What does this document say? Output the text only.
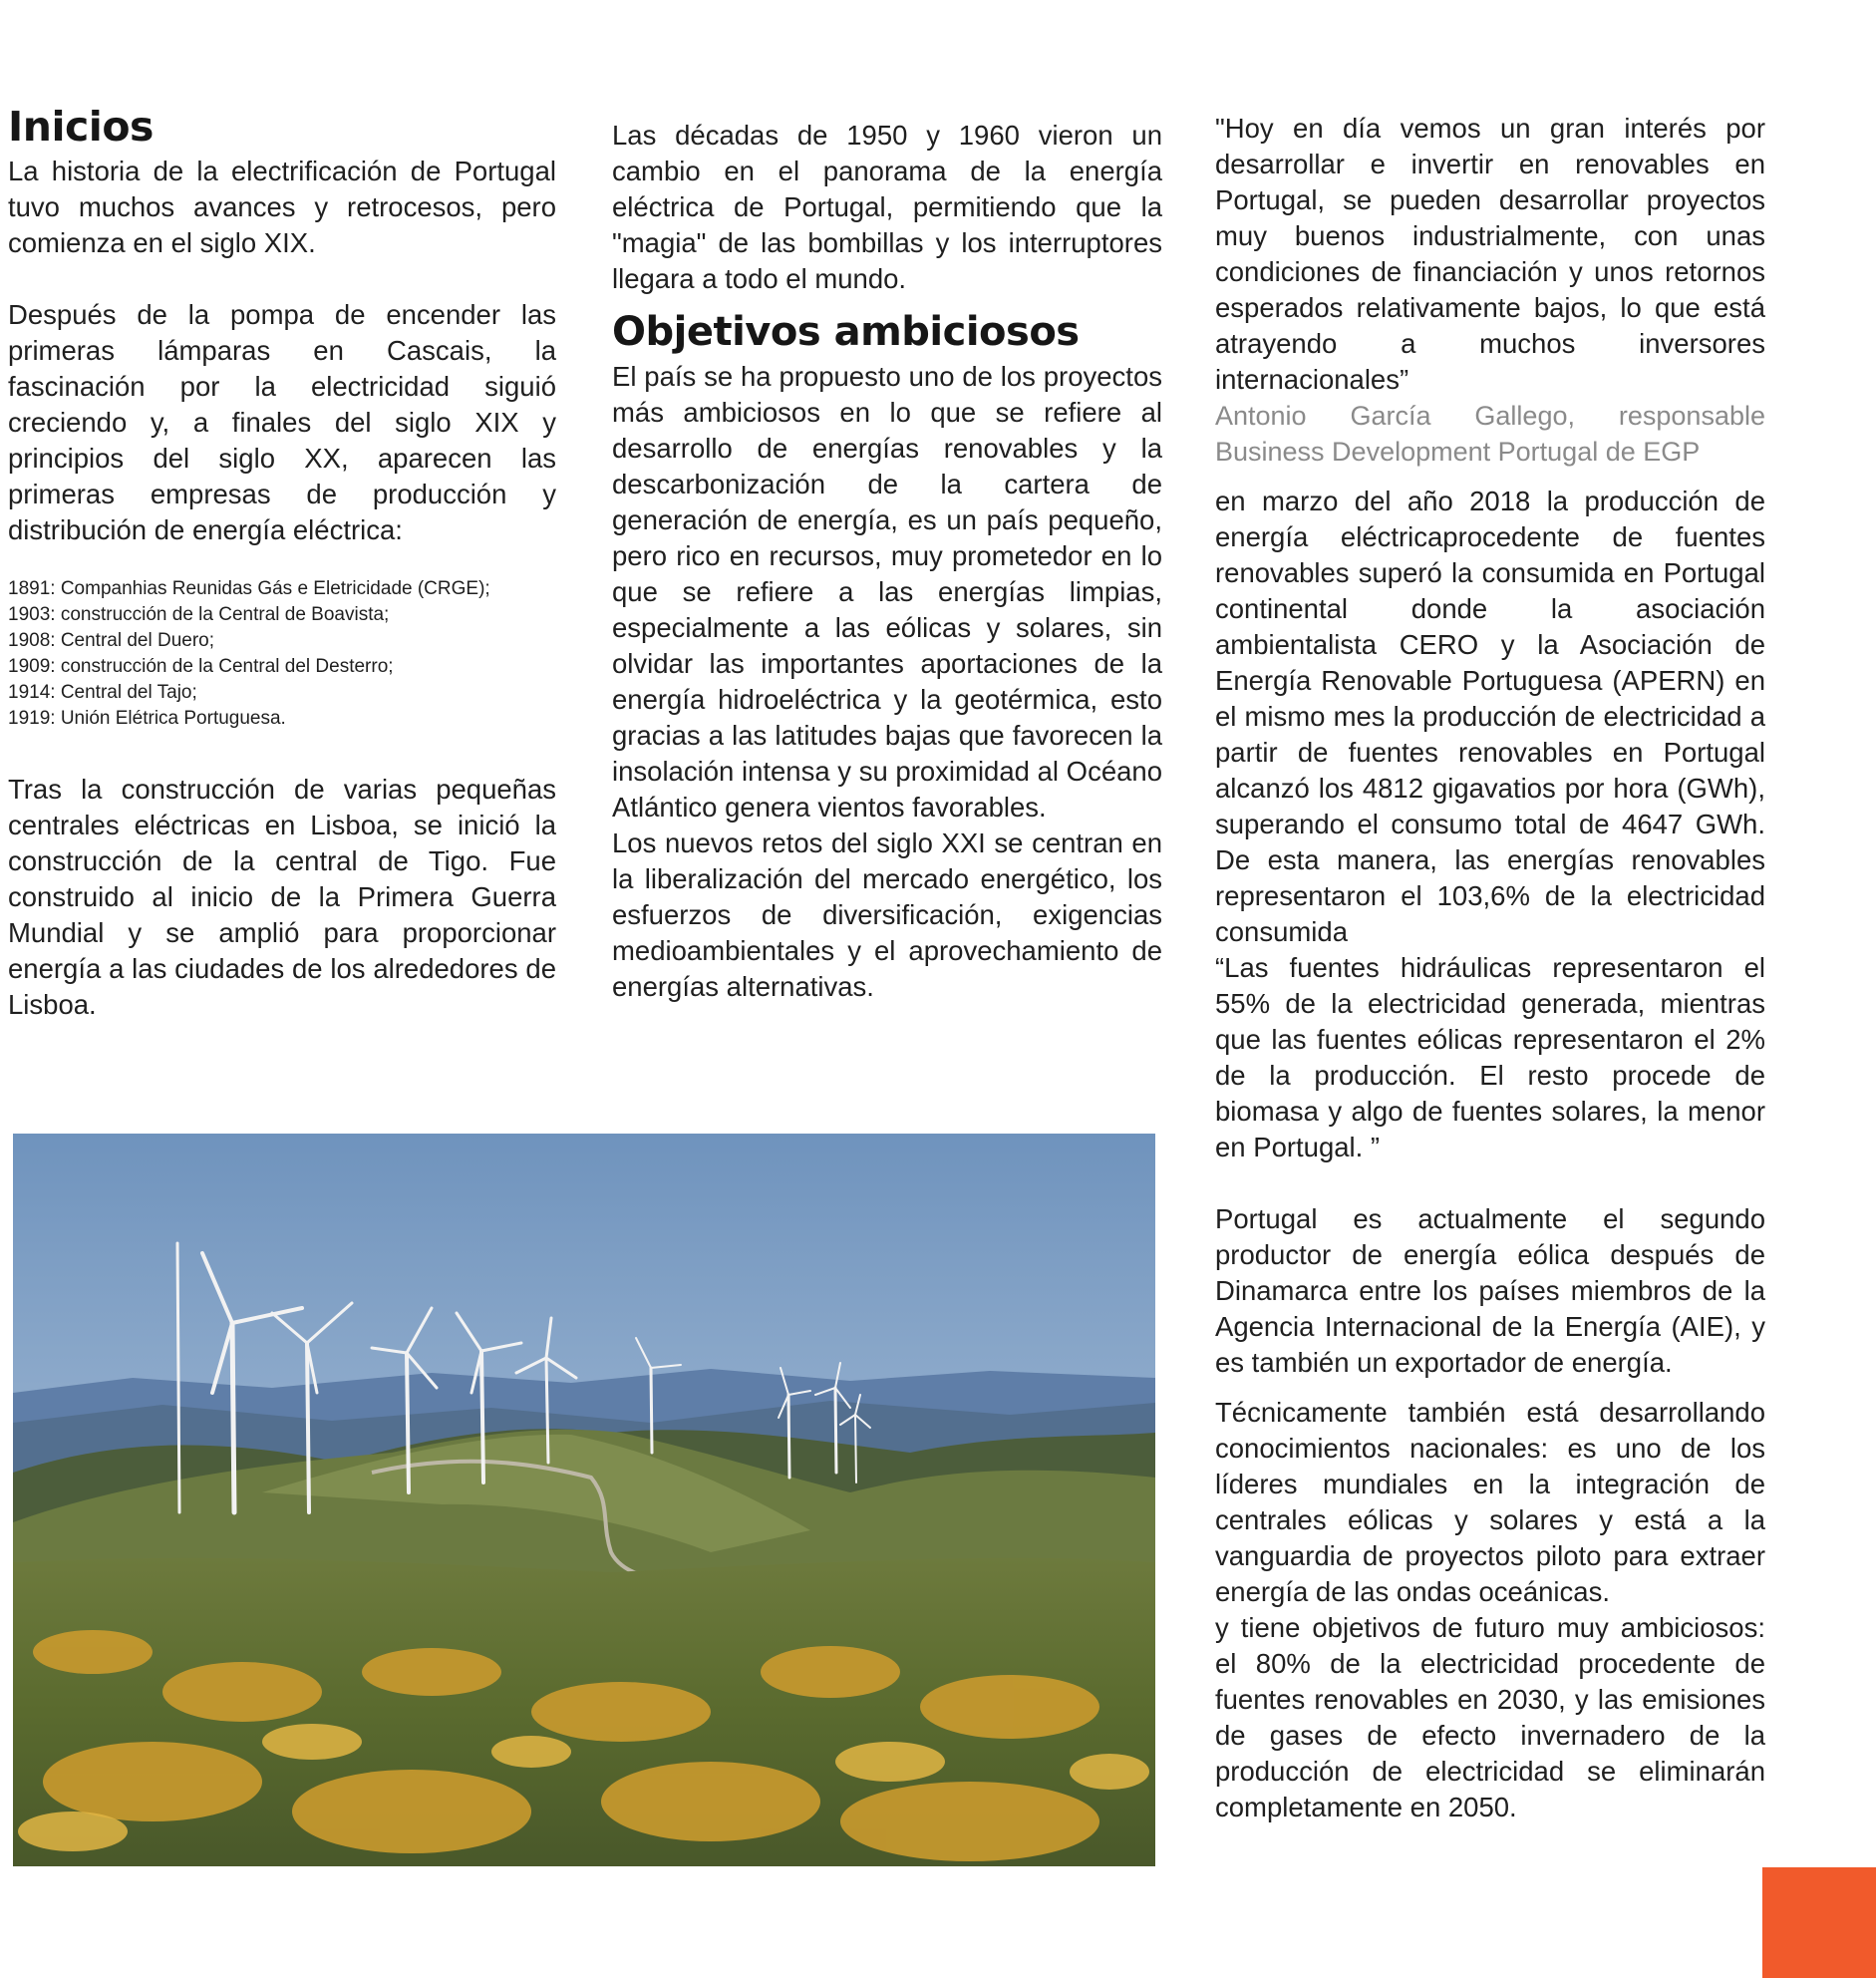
Inicios

La historia de la electrificación de Portugal tuvo muchos avances y retrocesos, pero comienza en el siglo XIX.

Después de la pompa de encender las primeras lámparas en Cascais, la fascinación por la electricidad siguió creciendo y, a finales del siglo XIX y principios del siglo XX, aparecen las primeras empresas de producción y distribución de energía eléctrica:

1891: Companhias Reunidas Gás e Eletricidade (CRGE);

1903: construcción de la Central de Boavista;

1908: Central del Duero;

1909: construcción de la Central del Desterro;

1914: Central del Tajo;

1919: Unión Elétrica Portuguesa.

Tras la construcción de varias pequeñas centrales eléctricas en Lisboa, se inició la construcción de la central de Tigo. Fue construido al inicio de la Primera Guerra Mundial y se amplió para proporcionar energía a las ciudades de los alrededores de Lisboa.

Las décadas de 1950 y 1960 vieron un cambio en el panorama de la energía eléctrica de Portugal, permitiendo que la "magia" de las bombillas y los interruptores llegara a todo el mundo.

Objetivos ambiciosos

El país se ha propuesto uno de los proyectos más ambiciosos en lo que se refiere al desarrollo de energías renovables y la descarbonización de la cartera de generación de energía, es un país pequeño, pero rico en recursos, muy prometedor en lo que se refiere a las energías limpias, especialmente a las eólicas y solares, sin olvidar las importantes aportaciones de la energía hidroeléctrica y la geotérmica, esto gracias a las latitudes bajas que favorecen la insolación intensa y su proximidad al Océano Atlántico genera vientos favorables.

Los nuevos retos del siglo XXI se centran en la liberalización del mercado energético, los esfuerzos de diversificación, exigencias medioambientales y el aprovechamiento de energías alternativas.

"Hoy en día vemos un gran interés por desarrollar e invertir en renovables en Portugal, se pueden desarrollar proyectos muy buenos industrialmente, con unas condiciones de financiación y unos retornos esperados relativamente bajos, lo que está atrayendo a muchos inversores internacionales”

Antonio García Gallego, responsable Business Development Portugal de EGP

en marzo del año 2018 la producción de energía eléctricaprocedente de fuentes renovables superó la consumida en Portugal continental donde la asociación ambientalista CERO y la Asociación de Energía Renovable Portuguesa (APERN) en el mismo mes la producción de electricidad a partir de fuentes renovables en Portugal alcanzó los 4812 gigavatios por hora (GWh), superando el consumo total de 4647 GWh. De esta manera, las energías renovables representaron el 103,6% de la electricidad consumida

“Las fuentes hidráulicas representaron el 55% de la electricidad generada, mientras que las fuentes eólicas representaron el 2% de la producción. El resto procede de biomasa y algo de fuentes solares, la menor en Portugal. ”

Portugal es actualmente el segundo productor de energía eólica después de Dinamarca entre los países miembros de la Agencia Internacional de la Energía (AIE), y es también un exportador de energía.

Técnicamente también está desarrollando conocimientos nacionales: es uno de los líderes mundiales en la integración de centrales eólicas y solares y está a la vanguardia de proyectos piloto para extraer energía de las ondas oceánicas.

y tiene objetivos de futuro muy ambiciosos: el 80% de la electricidad procedente de fuentes renovables en 2030, y las emisiones de gases de efecto invernadero de la producción de electricidad se eliminarán completamente en 2050.
